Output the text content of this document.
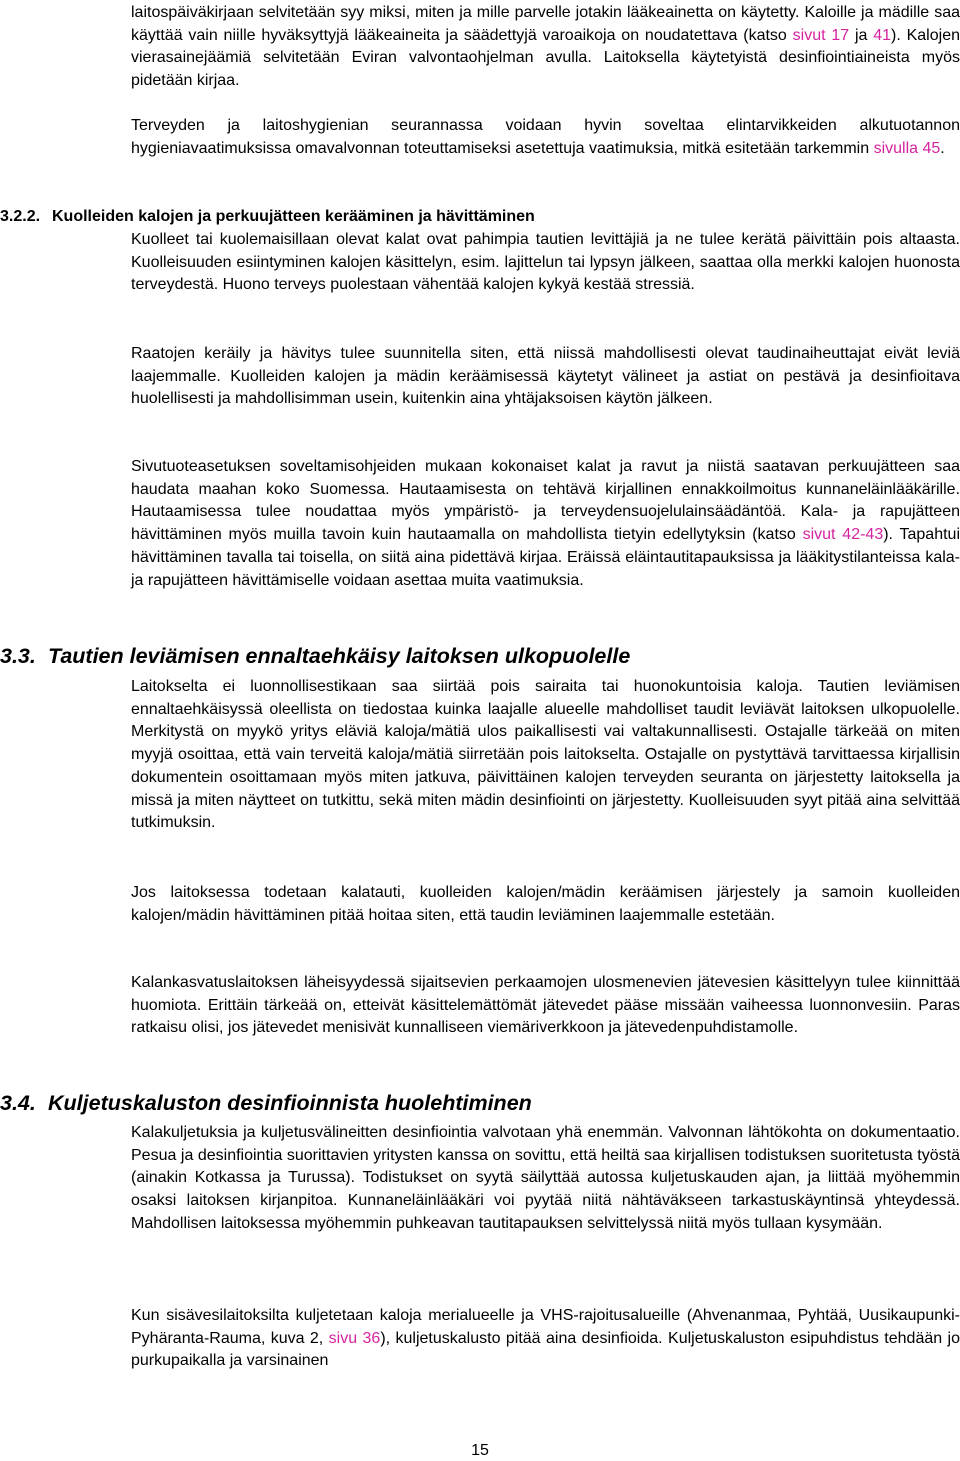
laitospäiväkirjaan selvitetään syy miksi, miten ja mille parvelle jotakin lääkeainetta on käytetty. Kaloille ja mädille saa käyttää vain niille hyväksyttyjä lääkeaineita ja säädettyjä varoaikoja on noudatettava (katso sivut 17 ja 41). Kalojen vierasainejäämiä selvitetään Eviran valvontaohjelman avulla. Laitoksella käytetyistä desinfiointiaineista myös pidetään kirjaa.

Terveyden ja laitoshygienian seurannassa voidaan hyvin soveltaa elintarvikkeiden alkutuotannon hygieniavaatimuksissa omavalvonnan toteuttamiseksi asetettuja vaatimuksia, mitkä esitetään tarkemmin sivulla 45.

3.2.2. Kuolleiden kalojen ja perkuujätteen kerääminen ja hävittäminen

Kuolleet tai kuolemaisillaan olevat kalat ovat pahimpia tautien levittäjiä ja ne tulee kerätä päivittäin pois altaasta. Kuolleisuuden esiintyminen kalojen käsittelyn, esim. lajittelun tai lypsyn jälkeen, saattaa olla merkki kalojen huonosta terveydestä. Huono terveys puolestaan vähentää kalojen kykyä kestää stressiä.

Raatojen keräily ja hävitys tulee suunnitella siten, että niissä mahdollisesti olevat taudinaiheuttajat eivät leviä laajemmalle. Kuolleiden kalojen ja mädin keräämisessä käytetyt välineet ja astiat on pestävä ja desinfioitava huolellisesti ja mahdollisimman usein, kuitenkin aina yhtäjaksoisen käytön jälkeen.

Sivutuoteasetuksen soveltamisohjeiden mukaan kokonaiset kalat ja ravut ja niistä saatavan perkuujätteen saa haudata maahan koko Suomessa. Hautaamisesta on tehtävä kirjallinen ennakkoilmoitus kunnaneläinlääkärille. Hautaamisessa tulee noudattaa myös ympäristö- ja terveydensuojelulainsäädäntöä. Kala- ja rapujätteen hävittäminen myös muilla tavoin kuin hautaamalla on mahdollista tietyin edellytyksin (katso sivut 42-43). Tapahtui hävittäminen tavalla tai toisella, on siitä aina pidettävä kirjaa. Eräissä eläintautitapauksissa ja lääkitystilanteissa kala- ja rapujätteen hävittämiselle voidaan asettaa muita vaatimuksia.

3.3. Tautien leviämisen ennaltaehkäisy laitoksen ulkopuolelle

Laitokselta ei luonnollisestikaan saa siirtää pois sairaita tai huonokuntoisia kaloja. Tautien leviämisen ennaltaehkäisyssä oleellista on tiedostaa kuinka laajalle alueelle mahdolliset taudit leviävät laitoksen ulkopuolelle. Merkitystä on myykö yritys eläviä kaloja/mätiä ulos paikallisesti vai valtakunnallisesti. Ostajalle tärkeää on miten myyjä osoittaa, että vain terveitä kaloja/mätiä siirretään pois laitokselta. Ostajalle on pystyttävä tarvittaessa kirjallisin dokumentein osoittamaan myös miten jatkuva, päivittäinen kalojen terveyden seuranta on järjestetty laitoksella ja missä ja miten näytteet on tutkittu, sekä miten mädin desinfiointi on järjestetty. Kuolleisuuden syyt pitää aina selvittää tutkimuksin.

Jos laitoksessa todetaan kalatauti, kuolleiden kalojen/mädin keräämisen järjestely ja samoin kuolleiden kalojen/mädin hävittäminen pitää hoitaa siten, että taudin leviäminen laajemmalle estetään.

Kalankasvatuslaitoksen läheisyydessä sijaitsevien perkaamojen ulosmenevien jätevesien käsittelyyn tulee kiinnittää huomiota. Erittäin tärkeää on, etteivät käsittelemättömät jätevedet pääse missään vaiheessa luonnonvesiin. Paras ratkaisu olisi, jos jätevedet menisivät kunnalliseen viemäriverkkoon ja jätevedenpuhdistamolle.

3.4. Kuljetuskaluston desinfioinnista huolehtiminen

Kalakuljetuksia ja kuljetusvälineitten desinfiointia valvotaan yhä enemmän. Valvonnan lähtökohta on dokumentaatio. Pesua ja desinfiointia suorittavien yritysten kanssa on sovittu, että heiltä saa kirjallisen todistuksen suoritetusta työstä (ainakin Kotkassa ja Turussa). Todistukset on syytä säilyttää autossa kuljetuskauden ajan, ja liittää myöhemmin osaksi laitoksen kirjanpitoa. Kunnaneläinlääkäri voi pyytää niitä nähtäväkseen tarkastuskäyntinsä yhteydessä. Mahdollisen laitoksessa myöhemmin puhkeavan tautitapauksen selvittelyssä niitä myös tullaan kysymään.

Kun sisävesilaitoksilta kuljetetaan kaloja merialueelle ja VHS-rajoitusalueille (Ahvenanmaa, Pyhtää, Uusikaupunki-Pyhäranta-Rauma, kuva 2, sivu 36), kuljetuskalusto pitää aina desinfioida. Kuljetuskaluston esipuhdistus tehdään jo purkupaikalla ja varsinainen

15
